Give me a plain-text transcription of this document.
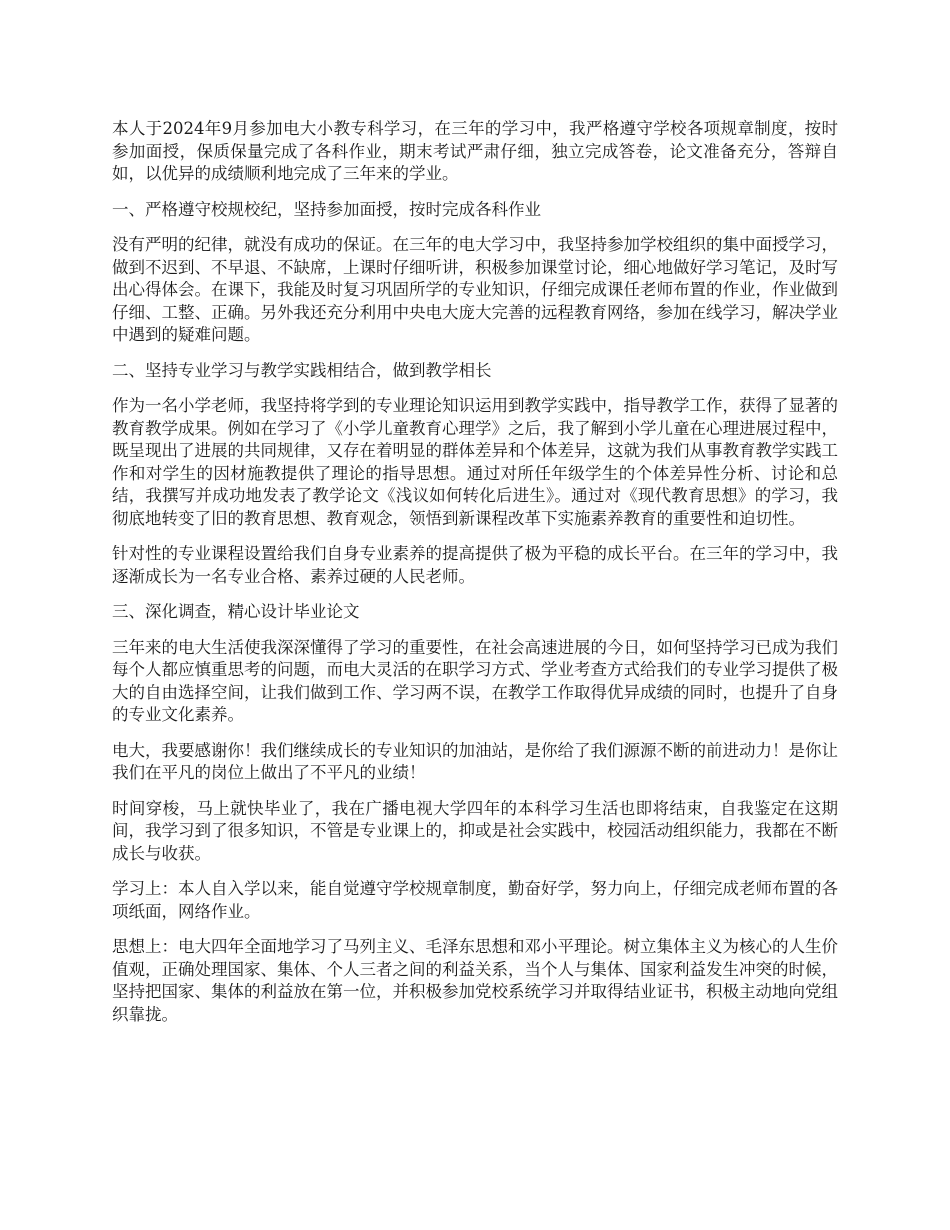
本人于2024年9月参加电大小教专科学习，在三年的学习中，我严格遵守学校各项规章制度，按时参加面授，保质保量完成了各科作业，期末考试严肃仔细，独立完成答卷，论文准备充分，答辩自如，以优异的成绩顺利地完成了三年来的学业。

一、严格遵守校规校纪，坚持参加面授，按时完成各科作业

没有严明的纪律，就没有成功的保证。在三年的电大学习中，我坚持参加学校组织的集中面授学习，做到不迟到、不早退、不缺席，上课时仔细听讲，积极参加课堂讨论，细心地做好学习笔记，及时写出心得体会。在课下，我能及时复习巩固所学的专业知识，仔细完成课任老师布置的作业，作业做到仔细、工整、正确。另外我还充分利用中央电大庞大完善的远程教育网络，参加在线学习，解决学业中遇到的疑难问题。

二、坚持专业学习与教学实践相结合，做到教学相长

作为一名小学老师，我坚持将学到的专业理论知识运用到教学实践中，指导教学工作，获得了显著的教育教学成果。例如在学习了《小学儿童教育心理学》之后，我了解到小学儿童在心理进展过程中，既呈现出了进展的共同规律，又存在着明显的群体差异和个体差异，这就为我们从事教育教学实践工作和对学生的因材施教提供了理论的指导思想。通过对所任年级学生的个体差异性分析、讨论和总结，我撰写并成功地发表了教学论文《浅议如何转化后进生》。通过对《现代教育思想》的学习，我彻底地转变了旧的教育思想、教育观念，领悟到新课程改革下实施素养教育的重要性和迫切性。

针对性的专业课程设置给我们自身专业素养的提高提供了极为平稳的成长平台。在三年的学习中，我逐渐成长为一名专业合格、素养过硬的人民老师。

三、深化调查，精心设计毕业论文

三年来的电大生活使我深深懂得了学习的重要性，在社会高速进展的今日，如何坚持学习已成为我们每个人都应慎重思考的问题，而电大灵活的在职学习方式、学业考查方式给我们的专业学习提供了极大的自由选择空间，让我们做到工作、学习两不误，在教学工作取得优异成绩的同时，也提升了自身的专业文化素养。

电大，我要感谢你！我们继续成长的专业知识的加油站，是你给了我们源源不断的前进动力！是你让我们在平凡的岗位上做出了不平凡的业绩！

时间穿梭，马上就快毕业了，我在广播电视大学四年的本科学习生活也即将结束，自我鉴定在这期间，我学习到了很多知识，不管是专业课上的，抑或是社会实践中，校园活动组织能力，我都在不断成长与收获。

学习上：本人自入学以来，能自觉遵守学校规章制度，勤奋好学，努力向上，仔细完成老师布置的各项纸面，网络作业。

思想上：电大四年全面地学习了马列主义、毛泽东思想和邓小平理论。树立集体主义为核心的人生价值观，正确处理国家、集体、个人三者之间的利益关系，当个人与集体、国家利益发生冲突的时候，坚持把国家、集体的利益放在第一位，并积极参加党校系统学习并取得结业证书，积极主动地向党组织靠拢。
